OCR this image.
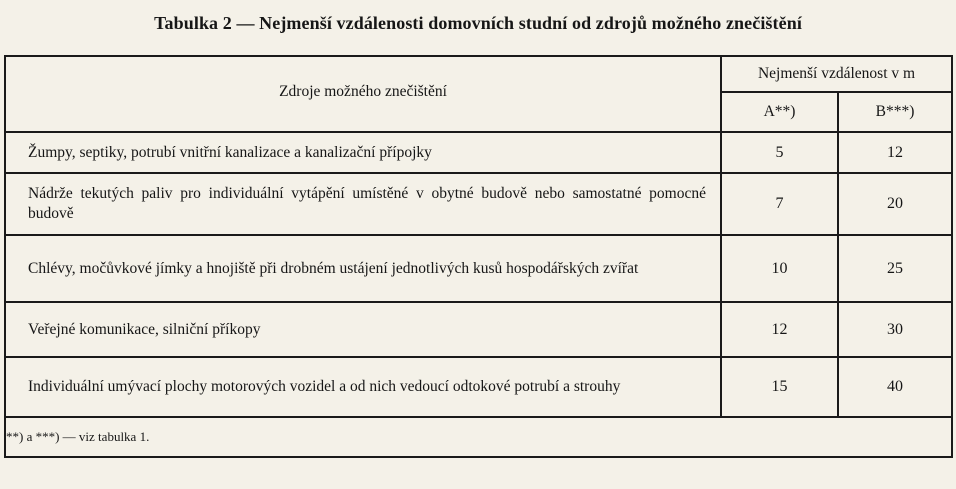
Tabulka 2 — Nejmenší vzdálenosti domovních studní od zdrojů možného znečištění
Zdroje možného znečištění	Nejmenší vzdálenost v m	
	A**)	B***)
Žumpy, septiky, potrubí vnitřní kanalizace a kanalizační přípojky	5	12
Nádrže tekutých paliv pro individuální vytápění umístěné v obytné budově nebo samostatné pomocné budově	7	20
Chlévy, močůvkové jímky a hnojiště při drobném ustájení jednotlivých kusů hospodářských zvířat	10	25
Veřejné komunikace, silniční příkopy	12	30
Individuální umývací plochy motorových vozidel a od nich vedoucí odtokové potrubí a strouhy	15	40
**) a ***) — viz tabulka 1.		
